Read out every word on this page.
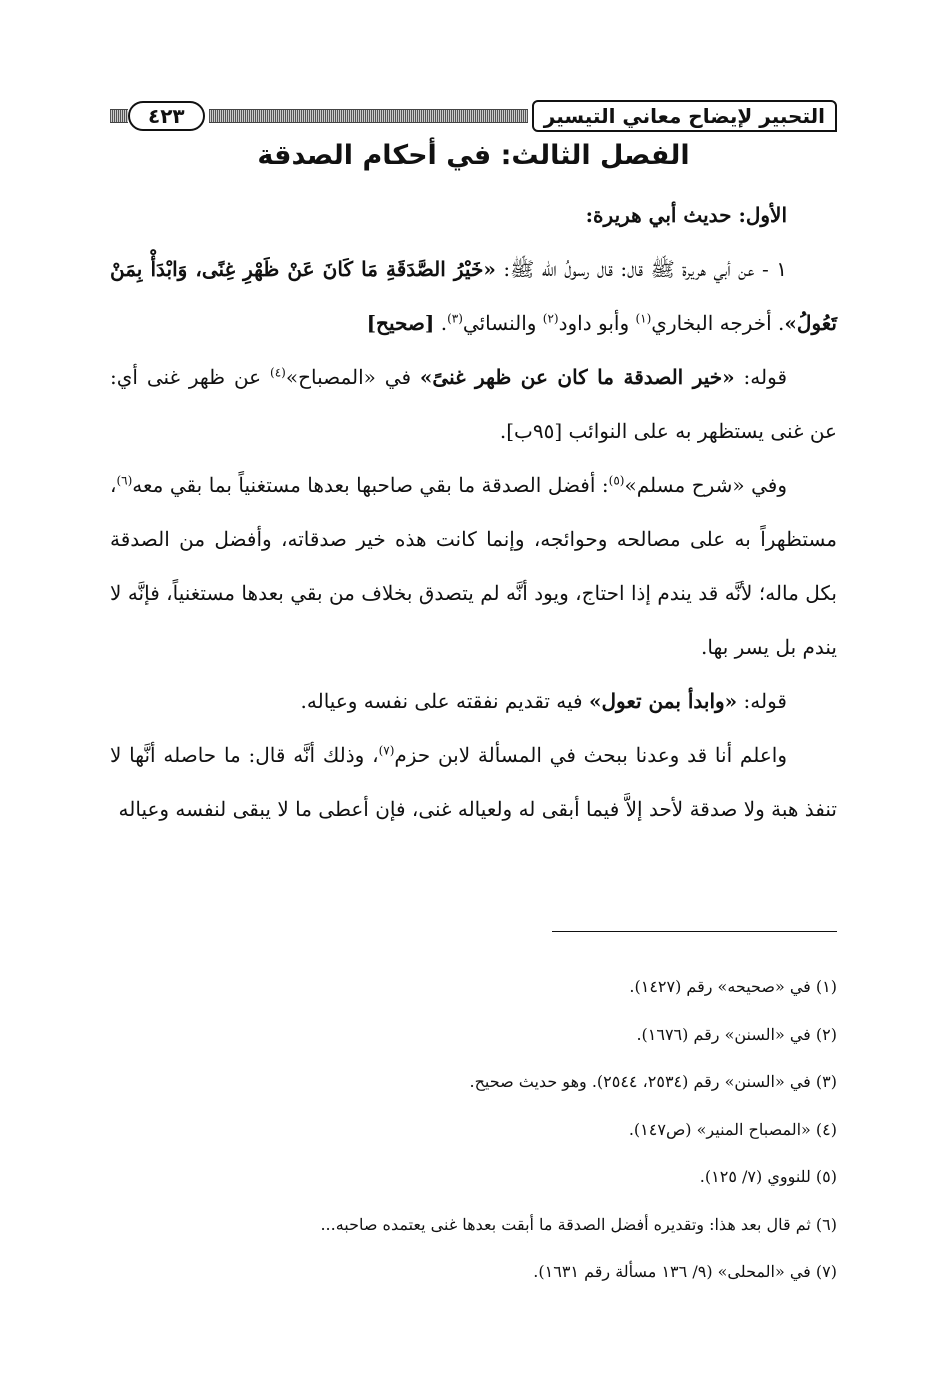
التحبير لإيضاح معاني التيسير
٤٢٣
الفصل الثالث: في أحكام الصدقة

الأول: حديث أبي هريرة:

١ - عن أبي هريرة ﷺ قال: قال رسولُ الله ﷺ: «خَيْرُ الصَّدَقَةِ مَا كَانَ عَنْ ظَهْرِ غِنًى، وَابْدَأْ بِمَنْ تَعُولُ». أخرجه البخاري$^{(١)}$ وأبو داود$^{(٢)}$ والنسائي$^{(٣)}$. [صحيح]

قوله: «خير الصدقة ما كان عن ظهر غنىً» في «المصباح»$^{(٤)}$ عن ظهر غنى أي: عن غنى يستظهر به على النوائب [٩٥ب].

وفي «شرح مسلم»$^{(٥)}$: أفضل الصدقة ما بقي صاحبها بعدها مستغنياً بما بقي معه$^{(٦)}$، مستظهراً به على مصالحه وحوائجه، وإنما كانت هذه خير صدقاته، وأفضل من الصدقة بكل ماله؛ لأنَّه قد يندم إذا احتاج، ويود أنَّه لم يتصدق بخلاف من بقي بعدها مستغنياً، فإنَّه لا يندم بل يسر بها.

قوله: «وابدأ بمن تعول» فيه تقديم نفقته على نفسه وعياله.

واعلم أنا قد وعدنا ببحث في المسألة لابن حزم$^{(٧)}$، وذلك أنَّه قال: ما حاصله أنَّها لا تنفذ هبة ولا صدقة لأحد إلاَّ فيما أبقى له ولعياله غنى، فإن أعطى ما لا يبقى لنفسه وعياله

(١) في «صحيحه» رقم (١٤٢٧).
(٢) في «السنن» رقم (١٦٧٦).
(٣) في «السنن» رقم (٢٥٣٤، ٢٥٤٤). وهو حديث صحيح.
(٤) «المصباح المنير» (ص١٤٧).
(٥) للنووي (٧/ ١٢٥).
(٦) ثم قال بعد هذا: وتقديره أفضل الصدقة ما أبقت بعدها غنى يعتمده صاحبه...
(٧) في «المحلى» (٩/ ١٣٦ مسألة رقم ١٦٣١).
